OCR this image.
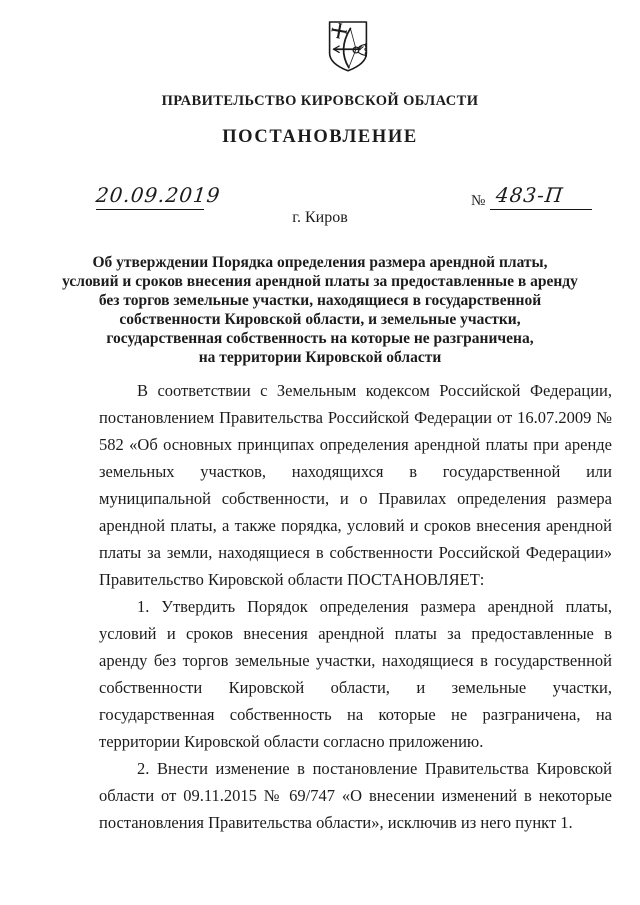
ПРАВИТЕЛЬСТВО КИРОВСКОЙ ОБЛАСТИ
ПОСТАНОВЛЕНИЕ
20.09.2019	№ 483-П
г. Киров
Об утверждении Порядка определения размера арендной платы,
условий и сроков внесения арендной платы за предоставленные в аренду
без торгов земельные участки, находящиеся в государственной
собственности Кировской области, и земельные участки,
государственная собственность на которые не разграничена,
на территории Кировской области

В соответствии с Земельным кодексом Российской Федерации, постановлением Правительства Российской Федерации от 16.07.2009 № 582 «Об основных принципах определения арендной платы при аренде земельных участков, находящихся в государственной или муниципальной собственности, и о Правилах определения размера арендной платы, а также порядка, условий и сроков внесения арендной платы за земли, находящиеся в собственности Российской Федерации» Правительство Кировской области ПОСТАНОВЛЯЕТ:

1. Утвердить Порядок определения размера арендной платы, условий и сроков внесения арендной платы за предоставленные в аренду без торгов земельные участки, находящиеся в государственной собственности Кировской области, и земельные участки, государственная собственность на которые не разграничена, на территории Кировской области согласно приложению.

2. Внести изменение в постановление Правительства Кировской области от 09.11.2015 № 69/747 «О внесении изменений в некоторые постановления Правительства области», исключив из него пункт 1.
